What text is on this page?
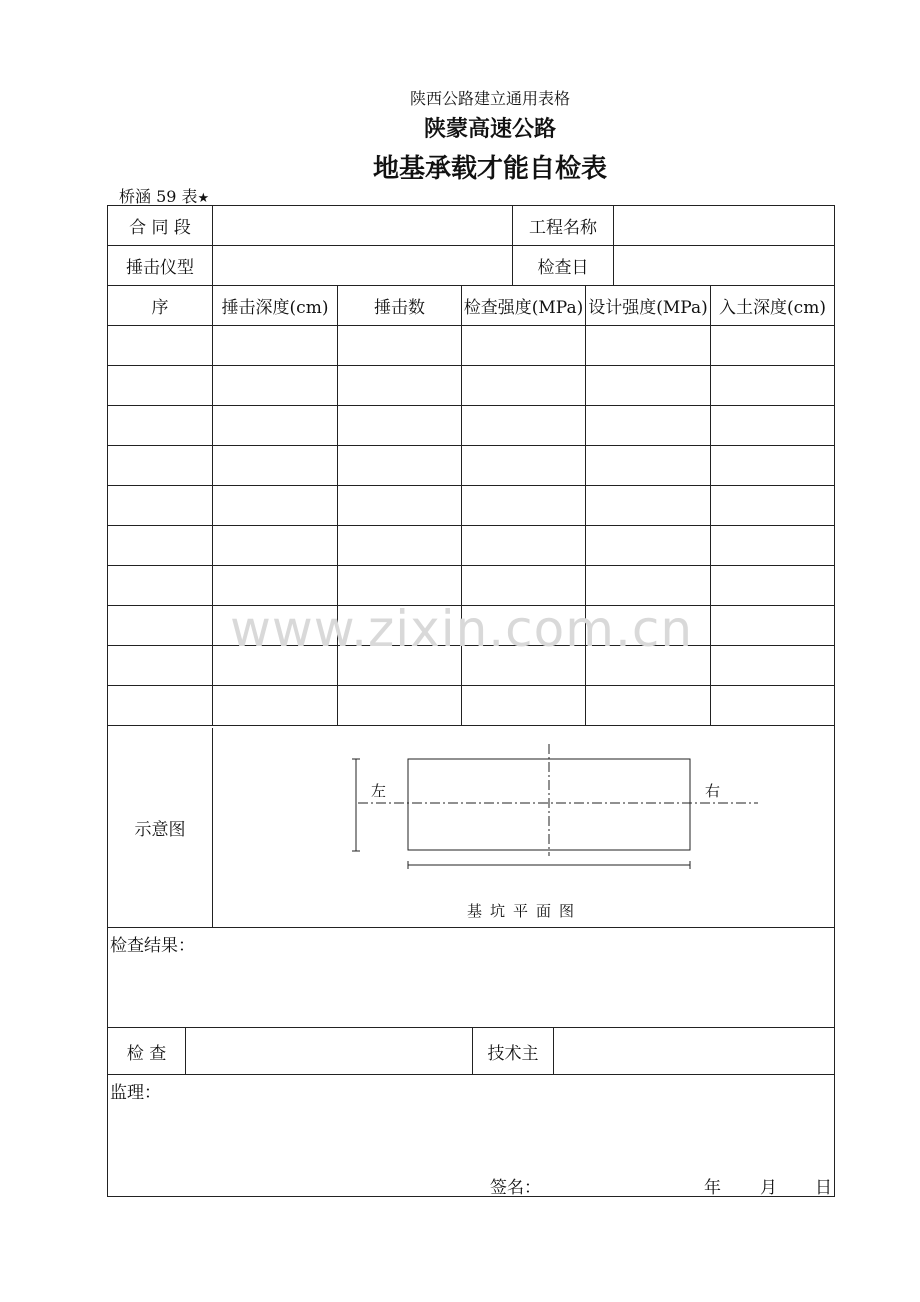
陕西公路建立通用表格
陕蒙高速公路
地基承载才能自检表
桥涵 59 表★
合 同 段	工程名称
捶击仪型	检查日
序	捶击深度(cm)	捶击数	检查强度(MPa) 设计强度(MPa) 入土深度(cm)
示意图
左	右
基坑平面图
检查结果：
检 查	技术主
监理：
签名：	年 月 日
www.zixin.com.cn
